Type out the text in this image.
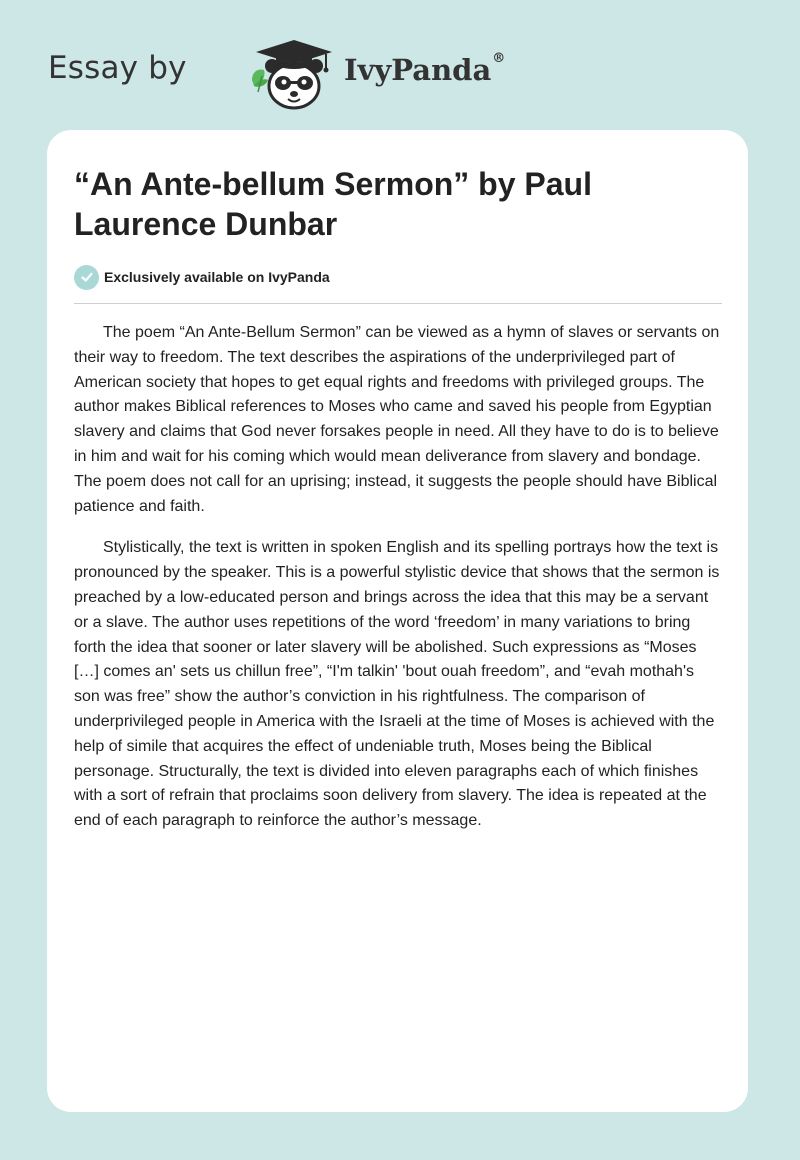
Essay by	IvyPanda®
“An Ante-bellum Sermon” by Paul Laurence Dunbar
Exclusively available on IvyPanda

The poem “An Ante-Bellum Sermon” can be viewed as a hymn of slaves or servants on their way to freedom. The text describes the aspirations of the underprivileged part of American society that hopes to get equal rights and freedoms with privileged groups. The author makes Biblical references to Moses who came and saved his people from Egyptian slavery and claims that God never forsakes people in need. All they have to do is to believe in him and wait for his coming which would mean deliverance from slavery and bondage. The poem does not call for an uprising; instead, it suggests the people should have Biblical patience and faith.

Stylistically, the text is written in spoken English and its spelling portrays how the text is pronounced by the speaker. This is a powerful stylistic device that shows that the sermon is preached by a low-educated person and brings across the idea that this may be a servant or a slave. The author uses repetitions of the word ‘freedom’ in many variations to bring forth the idea that sooner or later slavery will be abolished. Such expressions as “Moses […] comes an' sets us chillun free”, “I'm talkin' 'bout ouah freedom”, and “evah mothah's son was free” show the author’s conviction in his rightfulness. The comparison of underprivileged people in America with the Israeli at the time of Moses is achieved with the help of simile that acquires the effect of undeniable truth, Moses being the Biblical personage. Structurally, the text is divided into eleven paragraphs each of which finishes with a sort of refrain that proclaims soon delivery from slavery. The idea is repeated at the end of each paragraph to reinforce the author’s message.
